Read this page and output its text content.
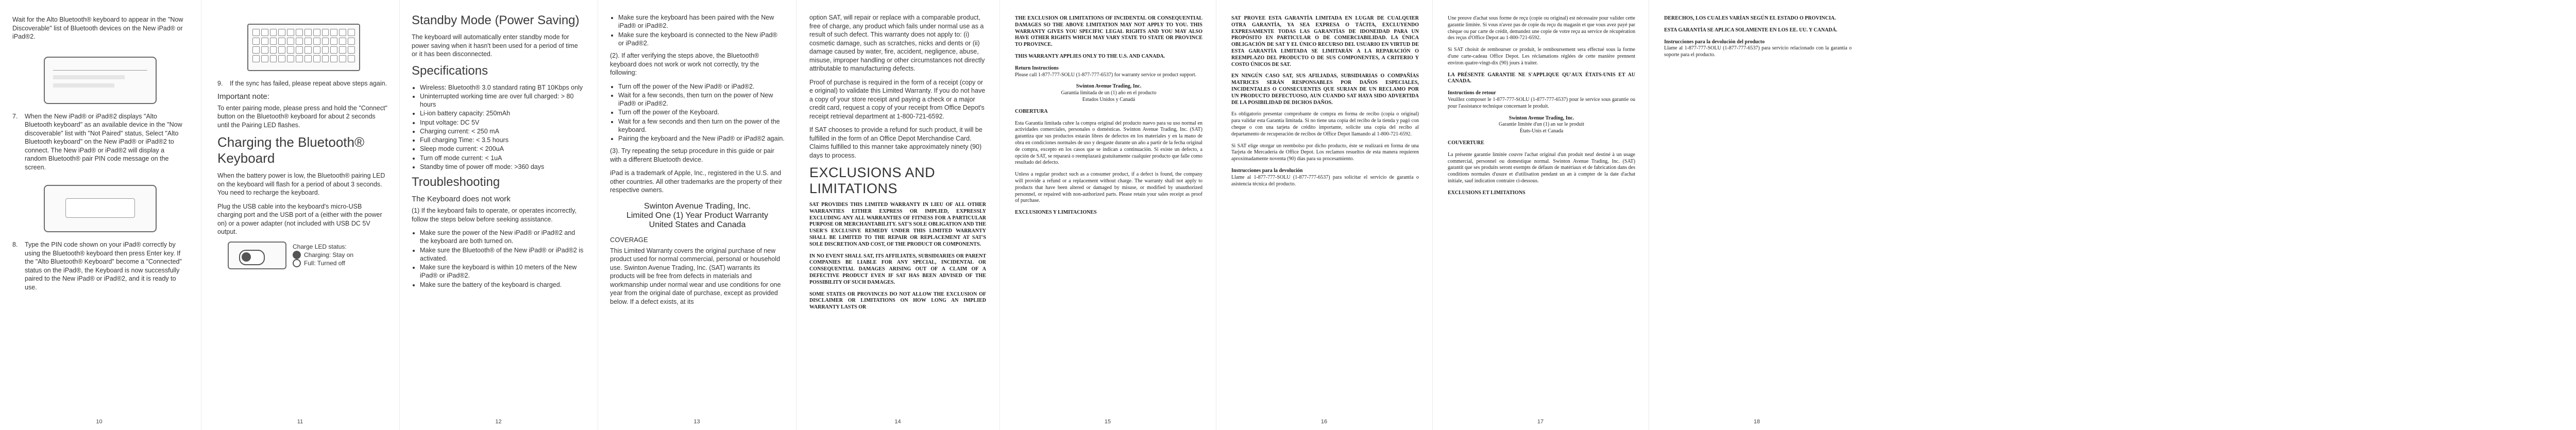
Wait for the Alto Bluetooth® keyboard to appear in the "Now Discoverable" list of Bluetooth devices on the New iPad® or iPad®2.

7.	When the New iPad® or iPad®2 displays "Alto Bluetooth keyboard" as an available device in the "Now discoverable" list with "Not Paired" status, Select "Alto Bluetooth keyboard" on the New iPad® or iPad®2 to connect. The New iPad® or iPad®2 will display a random Bluetooth® pair PIN code message on the screen.
8.	Type the PIN code shown on your iPad® correctly by using the Bluetooth® keyboard then press Enter key. If the "Alto Bluetooth® Keyboard" become a "Connected" status on the iPad®, the Keyboard is now successfully paired to the New iPad® or iPad®2, and it is ready to use.
10
9.	If the sync has failed, please repeat above steps again.
Important note:

To enter pairing mode, please press and hold the "Connect" button on the Bluetooth® keyboard for about 2 seconds until the Pairing LED flashes.

Charging the Bluetooth® Keyboard

When the battery power is low, the Bluetooth® pairing LED on the keyboard will flash for a period of about 3 seconds. You need to recharge the keyboard.

Plug the USB cable into the keyboard's micro-USB charging port and the USB port of a (either with the power on) or a power adapter (not included with USB DC 5V output.

Charge LED status:
Charging: Stay on
Full: Turned off
11
Standby Mode (Power Saving)

The keyboard will automatically enter standby mode for power saving when it hasn't been used for a period of time or it has been disconnected.

Specifications
• Wireless: Bluetooth® 3.0 standard rating BT 10Kbps only
• Uninterrupted working time are over full charged: > 80 hours
• Li-ion battery capacity: 250mAh
• Input voltage: DC 5V
• Charging current: < 250 mA
• Full charging Time: < 3.5 hours
• Sleep mode current: < 200uA
• Turn off mode current: < 1uA
• Standby time of power off mode: >360 days
Troubleshooting
The Keyboard does not work

(1) If the keyboard fails to operate, or operates incorrectly, follow the steps below before seeking assistance.

• Make sure the power of the New iPad® or iPad®2 and the keyboard are both turned on.
• Make sure the Bluetooth® of the New iPad® or iPad®2 is activated.
• Make sure the keyboard is within 10 meters of the New iPad® or iPad®2.
• Make sure the battery of the keyboard is charged.
12
• Make sure the keyboard has been paired with the New iPad® or iPad®2.
• Make sure the keyboard is connected to the New iPad® or iPad®2.

(2). If after verifying the steps above, the Bluetooth® keyboard does not work or work not correctly, try the following:

• Turn off the power of the New iPad® or iPad®2.
• Wait for a few seconds, then turn on the power of New iPad® or iPad®2.
• Turn off the power of the Keyboard.
• Wait for a few seconds and then turn on the power of the keyboard.
• Pairing the keyboard and the New iPad® or iPad®2 again.

(3). Try repeating the setup procedure in this guide or pair with a different Bluetooth device.

iPad is a trademark of Apple, Inc., registered in the U.S. and other countries. All other trademarks are the property of their respective owners.

Swinton Avenue Trading, Inc.
Limited One (1) Year Product Warranty
United States and Canada
COVERAGE

This Limited Warranty covers the original purchase of new product used for normal commercial, personal or household use. Swinton Avenue Trading, Inc. (SAT) warrants its products will be free from defects in materials and workmanship under normal wear and use conditions for one year from the original date of purchase, except as provided below. If a defect exists, at its

13

option SAT, will repair or replace with a comparable product, free of charge, any product which fails under normal use as a result of such defect. This warranty does not apply to: (i) cosmetic damage, such as scratches, nicks and dents or (ii) damage caused by water, fire, accident, negligence, abuse, misuse, improper handling or other circumstances not directly attributable to manufacturing defects.

Proof of purchase is required in the form of a receipt (copy or e original) to validate this Limited Warranty. If you do not have a copy of your store receipt and paying a check or a major credit card, request a copy of your receipt from Office Depot's receipt retrieval department at 1-800-721-6592.

If SAT chooses to provide a refund for such product, it will be fulfilled in the form of an Office Depot Merchandise Card. Claims fulfilled to this manner take approximately ninety (90) days to process.

EXCLUSIONS AND LIMITATIONS

SAT PROVIDES THIS LIMITED WARRANTY IN LIEU OF ALL OTHER WARRANTIES EITHER EXPRESS OR IMPLIED, EXPRESSLY EXCLUDING ANY ALL WARRANTIES OF FITNESS FOR A PARTICULAR PURPOSE OR MERCHANTABILITY. SAT'S SOLE OBLIGATION AND THE USER'S EXCLUSIVE REMEDY UNDER THIS LIMITED WARRANTY SHALL BE LIMITED TO THE REPAIR OR REPLACEMENT AT SAT'S SOLE DISCRETION AND COST, OF THE PRODUCT OR COMPONENTS.

IN NO EVENT SHALL SAT, ITS AFFILIATES, SUBSIDIARIES OR PARENT COMPANIES BE LIABLE FOR ANY SPECIAL, INCIDENTAL OR CONSEQUENTIAL DAMAGES ARISING OUT OF A CLAIM OF A DEFECTIVE PRODUCT EVEN IF SAT HAS BEEN ADVISED OF THE POSSIBILITY OF SUCH DAMAGES.

SOME STATES OR PROVINCES DO NOT ALLOW THE EXCLUSION OF DISCLAIMER OR LIMITATIONS ON HOW LONG AN IMPLIED WARRANTY LASTS OR

14

THE EXCLUSION OR LIMITATIONS OF INCIDENTAL OR CONSEQUENTIAL DAMAGES SO THE ABOVE LIMITATION MAY NOT APPLY TO YOU. THIS WARRANTY GIVES YOU SPECIFIC LEGAL RIGHTS AND YOU MAY ALSO HAVE OTHER RIGHTS WHICH MAY VARY STATE TO STATE OR PROVINCE TO PROVINCE.

THIS WARRANTY APPLIES ONLY TO THE U.S. AND CANADA.

Return Instructions
Please call 1-877-777-SOLU (1-877-777-6537) for warranty service or product support.

Swinton Avenue Trading, Inc.
Garantía limitada de un (1) año en el producto
Estados Unidos y Canadá

COBERTURA

Esta Garantía limitada cubre la compra original del producto nuevo para su uso normal en actividades comerciales, personales o domésticas. Swinton Avenue Trading, Inc. (SAT) garantiza que sus productos estarán libres de defectos en los materiales y en la mano de obra en condiciones normales de uso y desgaste durante un año a partir de la fecha original de compra, excepto en los casos que se indican a continuación. Si existe un defecto, a opción de SAT, se reparará o reemplazará gratuitamente cualquier producto que falle como resultado del defecto.

Unless a regular product such as a consumer product, if a defect is found, the company will provide a refund or a replacement without charge. The warranty shall not apply to products that have been altered or damaged by misuse, or modified by unauthorized personnel, or repaired with non-authorized parts. Please retain your sales receipt as proof of purchase.

EXCLUSIONES Y LIMITACIONES

15

SAT PROVEE ESTA GARANTÍA LIMITADA EN LUGAR DE CUALQUIER OTRA GARANTÍA, YA SEA EXPRESA O TÁCITA, EXCLUYENDO EXPRESAMENTE TODAS LAS GARANTÍAS DE IDONEIDAD PARA UN PROPÓSITO EN PARTICULAR O DE COMERCIABILIDAD. LA ÚNICA OBLIGACIÓN DE SAT Y EL ÚNICO RECURSO DEL USUARIO EN VIRTUD DE ESTA GARANTÍA LIMITADA SE LIMITARÁN A LA REPARACIÓN O REEMPLAZO DEL PRODUCTO O DE SUS COMPONENTES, A CRITERIO Y COSTO ÚNICOS DE SAT.

EN NINGÚN CASO SAT, SUS AFILIADAS, SUBSIDIARIAS O COMPAÑÍAS MATRICES SERÁN RESPONSABLES POR DAÑOS ESPECIALES, INCIDENTALES O CONSECUENTES QUE SURJAN DE UN RECLAMO POR UN PRODUCTO DEFECTUOSO, AUN CUANDO SAT HAYA SIDO ADVERTIDA DE LA POSIBILIDAD DE DICHOS DAÑOS.

Es obligatorio presentar comprobante de compra en forma de recibo (copia o original) para validar esta Garantía limitada. Si no tiene una copia del recibo de la tienda y pagó con cheque o con una tarjeta de crédito importante, solicite una copia del recibo al departamento de recuperación de recibos de Office Depot llamando al 1-800-721-6592.

Si SAT elige otorgar un reembolso por dicho producto, éste se realizará en forma de una Tarjeta de Mercadería de Office Depot. Los reclamos resueltos de esta manera requieren aproximadamente noventa (90) días para su procesamiento.

Instrucciones para la devolución
Llame al 1-877-777-SOLU (1-877-777-6537) para solicitar el servicio de garantía o asistencia técnica del producto.

16

Une preuve d'achat sous forme de reçu (copie ou original) est nécessaire pour valider cette garantie limitée. Si vous n'avez pas de copie du reçu du magasin et que vous avez payé par chèque ou par carte de crédit, demandez une copie de votre reçu au service de récupération des reçus d'Office Depot au 1-800-721-6592.

Si SAT choisit de rembourser ce produit, le remboursement sera effectué sous la forme d'une carte-cadeau Office Depot. Les réclamations réglées de cette manière prennent environ quatre-vingt-dix (90) jours à traiter.

LA PRÉSENTE GARANTIE NE S'APPLIQUE QU'AUX ÉTATS-UNIS ET AU CANADA.

Instructions de retour
Veuillez composer le 1-877-777-SOLU (1-877-777-6537) pour le service sous garantie ou pour l'assistance technique concernant le produit.

Swinton Avenue Trading, Inc.
Garantie limitée d'un (1) an sur le produit
États-Unis et Canada

COUVERTURE

La présente garantie limitée couvre l'achat original d'un produit neuf destiné à un usage commercial, personnel ou domestique normal. Swinton Avenue Trading, Inc. (SAT) garantit que ses produits seront exempts de défauts de matériaux et de fabrication dans des conditions normales d'usure et d'utilisation pendant un an à compter de la date d'achat initiale, sauf indication contraire ci-dessous.

EXCLUSIONS ET LIMITATIONS

17

DERECHOS, LOS CUALES VARÍAN SEGÚN EL ESTADO O PROVINCIA.

ESTA GARANTÍA SE APLICA SOLAMENTE EN LOS EE. UU. Y CANADÁ.

Instrucciones para la devolución del producto
Llame al 1-877-777-SOLU (1-877-777-6537) para servicio relacionado con la garantía o soporte para el producto.

18
